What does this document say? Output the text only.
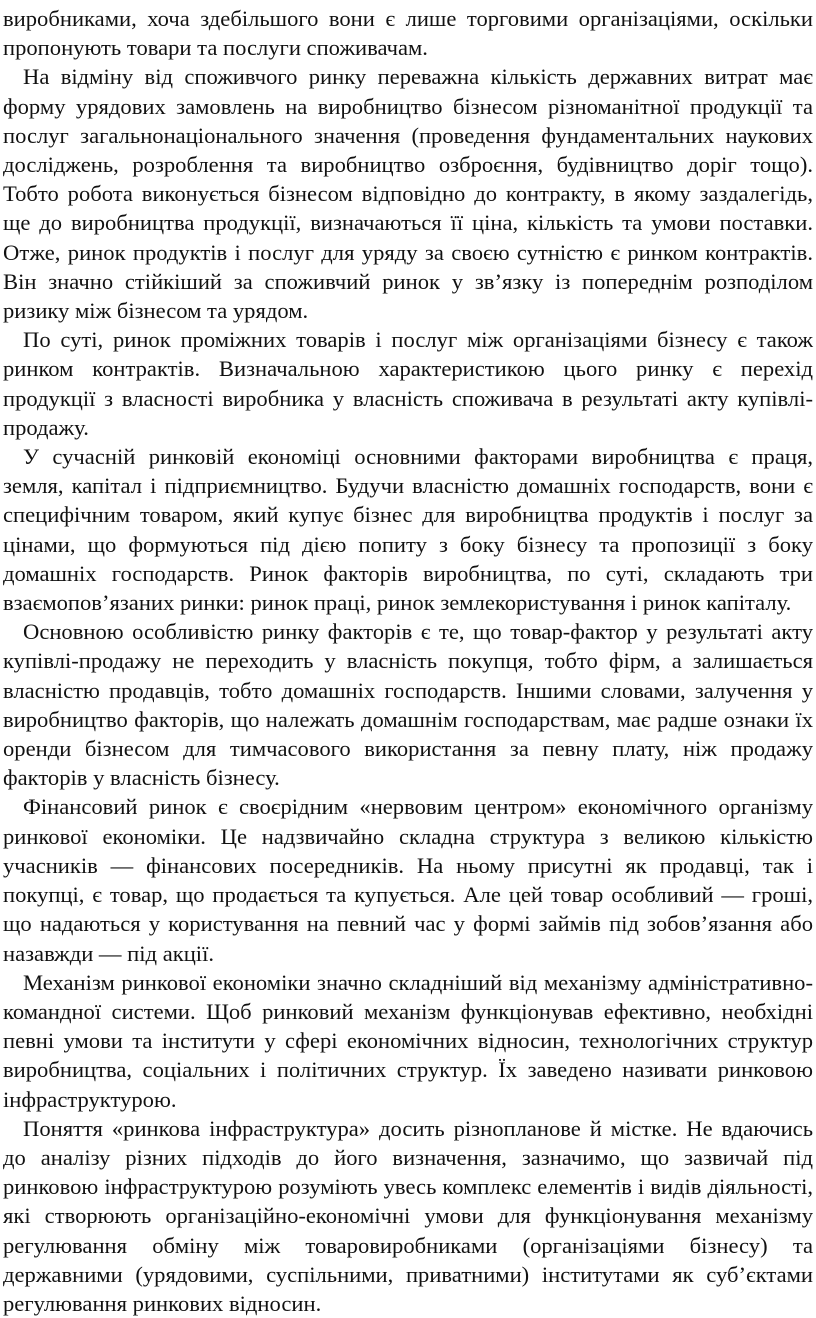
виробниками, хоча здебільшого вони є лише торговими організаціями, оскільки пропонують товари та послуги споживачам.

На відміну від споживчого ринку переважна кількість державних витрат має форму урядових замовлень на виробництво бізнесом різноманітної продукції та послуг загальнонаціонального значення (проведення фундаментальних наукових досліджень, розроблення та виробництво озброєння, будівництво доріг тощо). Тобто робота виконується бізнесом відповідно до контракту, в якому заздалегідь, ще до виробництва продукції, визначаються її ціна, кількість та умови поставки. Отже, ринок продуктів і послуг для уряду за своєю сутністю є ринком контрактів. Він значно стійкіший за споживчий ринок у зв’язку із попереднім розподілом ризику між бізнесом та урядом.

По суті, ринок проміжних товарів і послуг між організаціями бізнесу є також ринком контрактів. Визначальною характеристикою цього ринку є перехід продукції з власності виробника у власність споживача в результаті акту купівлі-продажу.

У сучасній ринковій економіці основними факторами виробництва є праця, земля, капітал і підприємництво. Будучи власністю домашніх господарств, вони є специфічним товаром, який купує бізнес для виробництва продуктів і послуг за цінами, що формуються під дією попиту з боку бізнесу та пропозиції з боку домашніх господарств. Ринок факторів виробництва, по суті, складають три взаємопов’язаних ринки: ринок праці, ринок землекористування і ринок капіталу.

Основною особливістю ринку факторів є те, що товар-фактор у результаті акту купівлі-продажу не переходить у власність покупця, тобто фірм, а залишається власністю продавців, тобто домашніх господарств. Іншими словами, залучення у виробництво факторів, що належать домашнім господарствам, має радше ознаки їх оренди бізнесом для тимчасового використання за певну плату, ніж продажу факторів у власність бізнесу.

Фінансовий ринок є своєрідним «нервовим центром» економічного організму ринкової економіки. Це надзвичайно складна структура з великою кількістю учасників — фінансових посередників. На ньому присутні як продавці, так і покупці, є товар, що продається та купується. Але цей товар особливий — гроші, що надаються у користування на певний час у формі займів під зобов’язання або назавжди — під акції.

Механізм ринкової економіки значно складніший від механізму адміністративно-командної системи. Щоб ринковий механізм функціонував ефективно, необхідні певні умови та інститути у сфері економічних відносин, технологічних структур виробництва, соціальних і політичних структур. Їх заведено називати ринковою інфраструктурою.

Поняття «ринкова інфраструктура» досить різнопланове й містке. Не вдаючись до аналізу різних підходів до його визначення, зазначимо, що зазвичай під ринковою інфраструктурою розуміють увесь комплекс елементів і видів діяльності, які створюють організаційно-економічні умови для функціонування механізму регулювання обміну між товаровиробниками (організаціями бізнесу) та державними (урядовими, суспільними, приватними) інститутами як суб’єктами регулювання ринкових відносин.
